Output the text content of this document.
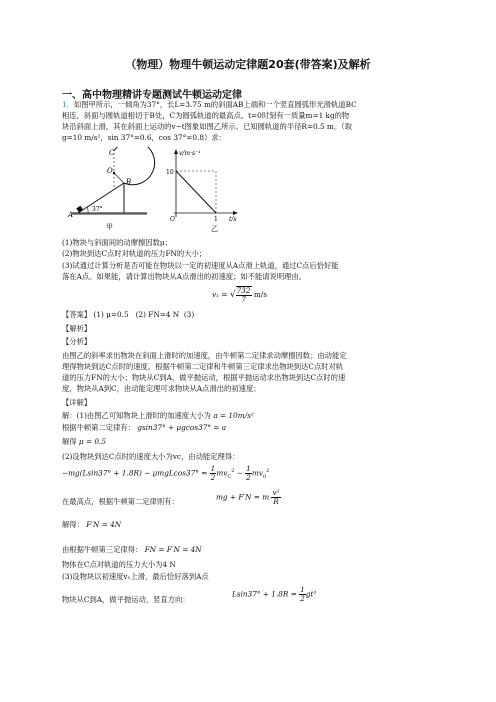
（物理）物理牛顿运动定律题20套(带答案)及解析
一、高中物理精讲专题测试牛顿运动定律
1．如图甲所示，一倾角为37°，长L=3.75 m的斜面AB上端和一个竖直圆弧形光滑轨道BC
相连，斜面与圆轨道相切于B处，C为圆弧轨道的最高点。t=0时刻有一质量m=1 kg的物
块沿斜面上滑，其在斜面上运动的v−t图象如图乙所示。已知圆轨道的半径R=0.5 m。（取
g=10 m/s²，sin 37°=0.6，cos 37°=0.8）求：
C
O
B
A
37°
甲
v/m·s⁻¹
10
O	1 t/s
乙
(1)物块与斜面间的动摩擦因数μ；
(2)物块到达C点时对轨道的压力FN的大小；
(3)试通过计算分析是否可能在物块以一定的初速度从A点滑上轨道，通过C点后恰好能
落在A点。如果能，请计算出物块从A点滑出的初速度；如不能请说明理由。
v₁ = √ $\frac{732}{7} m/s$
【答案】 (1) μ=0.5 (2) FN=4 N (3)
【解析】
【分析】
由图乙的斜率求出物块在斜面上滑时的加速度，由牛顿第二定律求动摩擦因数；由动能定
理得物块到达C点时的速度，根据牛顿第二定律和牛顿第三定律求出物块到达C点时对轨
道的压力FN的大小；物块从C到A，做平抛运动，根据平抛运动求出物块到达C点时的速
度，物块从A到C，由动能定理可求物块从A点滑出的初速度；
【详解】
解：(1)由图乙可知物块上滑时的加速度大小为 a = 10m/s²
根据牛顿第二定律有： gsin37° + μgcos37° = a
解得 μ = 0.5
(2)设物块到达C点时的速度大小为vc，由动能定理得：
$-mg(Lsin37^\circ + 1.8R) - \mu mgLcos37^\circ = \frac{1}{2} mv_C^2 - \frac{1}{2} mv_0^2$
在最高点，根据牛顿第二定律则有：	mg + F′N = m $\frac{\text{v²}}{R}$
解得： F′N = 4N
由根据牛顿第三定律得： FN = F′N = 4N
物体在C点对轨道的压力大小为4 N
(3)设物块以初速度v₁上滑，最后恰好落到A点
物块从C到A，做平抛运动，竖直方向：
$Lsin37^\circ + 1.8R = \frac{1}{2} gt^2$
